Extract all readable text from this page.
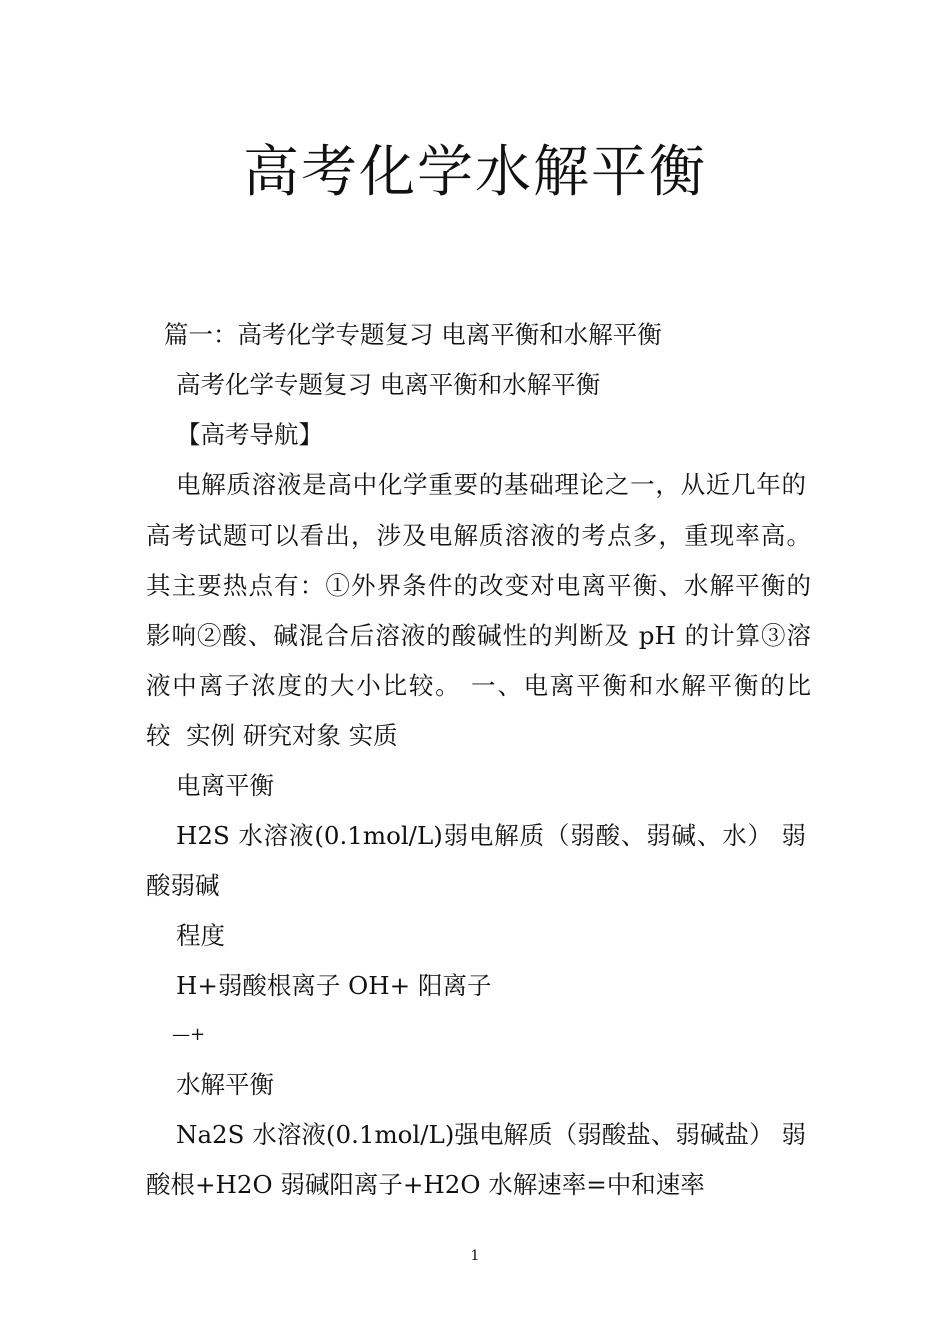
高考化学水解平衡
篇一：高考化学专题复习 电离平衡和水解平衡
高考化学专题复习 电离平衡和水解平衡
【高考导航】
电解质溶液是高中化学重要的基础理论之一，从近几年的
高考试题可以看出，涉及电解质溶液的考点多，重现率高。
其主要热点有：①外界条件的改变对电离平衡、水解平衡的
影响②酸、碱混合后溶液的酸碱性的判断及 pH 的计算③溶
液中离子浓度的大小比较。 一、电离平衡和水解平衡的比
较  实例 研究对象 实质
电离平衡
H2S 水溶液(0.1mol/L)弱电解质（弱酸、弱碱、水） 弱
酸弱碱
程度
H+弱酸根离子 OH+ 阳离子
—+
水解平衡
Na2S 水溶液(0.1mol/L)强电解质（弱酸盐、弱碱盐） 弱
酸根+H2O 弱碱阳离子+H2O 水解速率=中和速率
1
